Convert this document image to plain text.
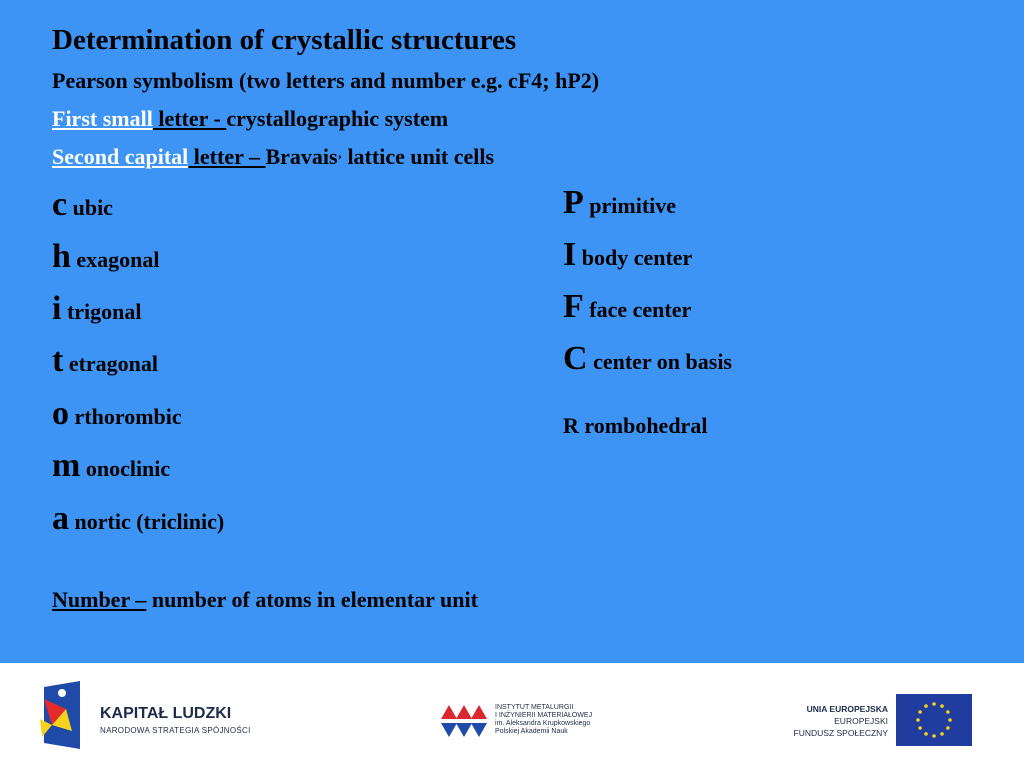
Determination of crystallic structures
Pearson symbolism (two letters and number e.g. cF4; hP2)
First small letter - crystallographic system
Second capital letter – Bravais’ lattice unit cells
c ubic
h exagonal
i trigonal
t etragonal
o rthorombic
m onoclinic
a nortic (triclinic)
P primitive
I body center
F face center
C center on basis
R rombohedral
Number – number of atoms in elementar unit
KAPITAŁ LUDZKI
NARODOWA STRATEGIA SPÓJNOŚCI
INSTYTUT METALURGII
I INŻYNIERII MATERIAŁOWEJ
im. Aleksandra Krupkowskiego
Polskiej Akademii Nauk
UNIA EUROPEJSKA
EUROPEJSKI
FUNDUSZ SPOŁECZNY
